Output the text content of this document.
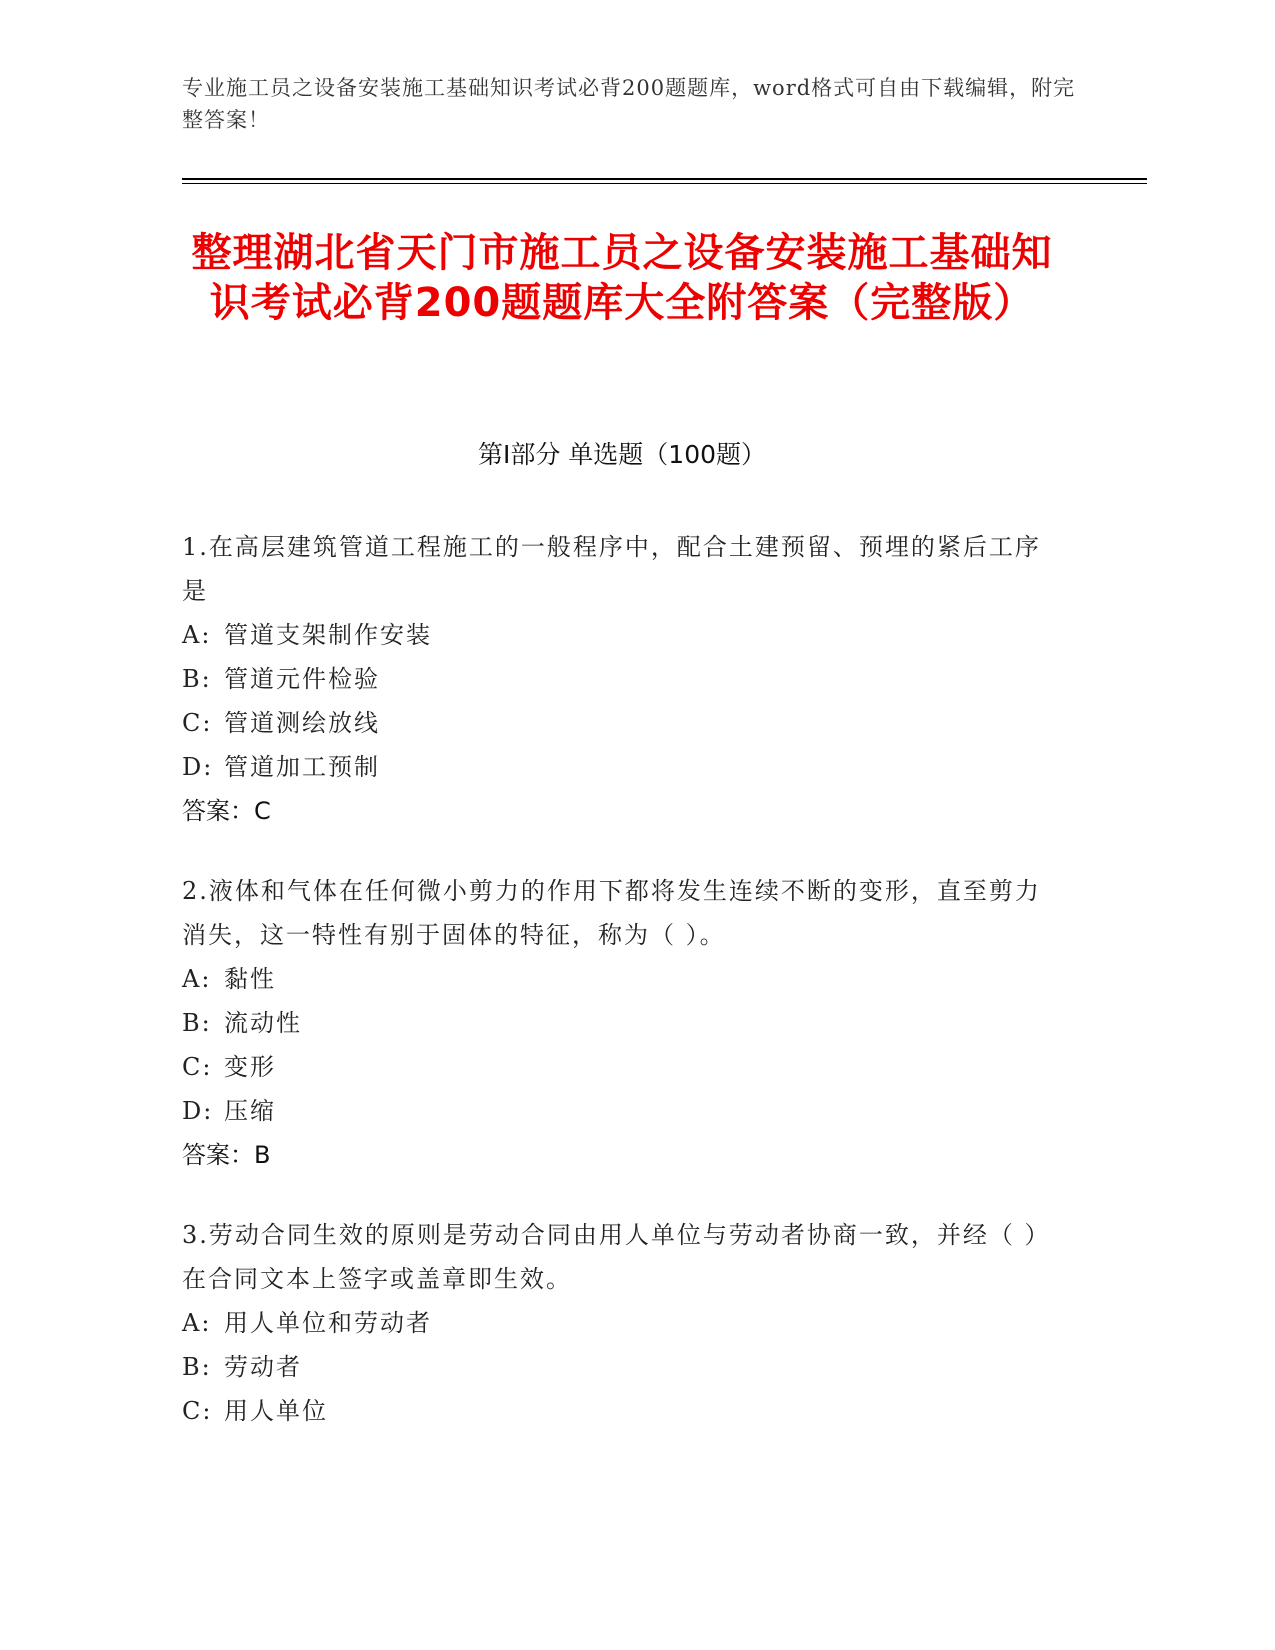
专业施工员之设备安装施工基础知识考试必背200题题库，word格式可自由下载编辑，附完整答案！
整理湖北省天门市施工员之设备安装施工基础知识考试必背200题题库大全附答案（完整版）
第Ⅰ部分 单选题（100题）
1.在高层建筑管道工程施工的一般程序中，配合土建预留、预埋的紧后工序是
A: 管道支架制作安装
B: 管道元件检验
C: 管道测绘放线
D: 管道加工预制
答案：C
2.液体和气体在任何微小剪力的作用下都将发生连续不断的变形，直至剪力消失，这一特性有别于固体的特征，称为（ ）。
A: 黏性
B: 流动性
C: 变形
D: 压缩
答案：B
3.劳动合同生效的原则是劳动合同由用人单位与劳动者协商一致，并经（ ）在合同文本上签字或盖章即生效。
A: 用人单位和劳动者
B: 劳动者
C: 用人单位
